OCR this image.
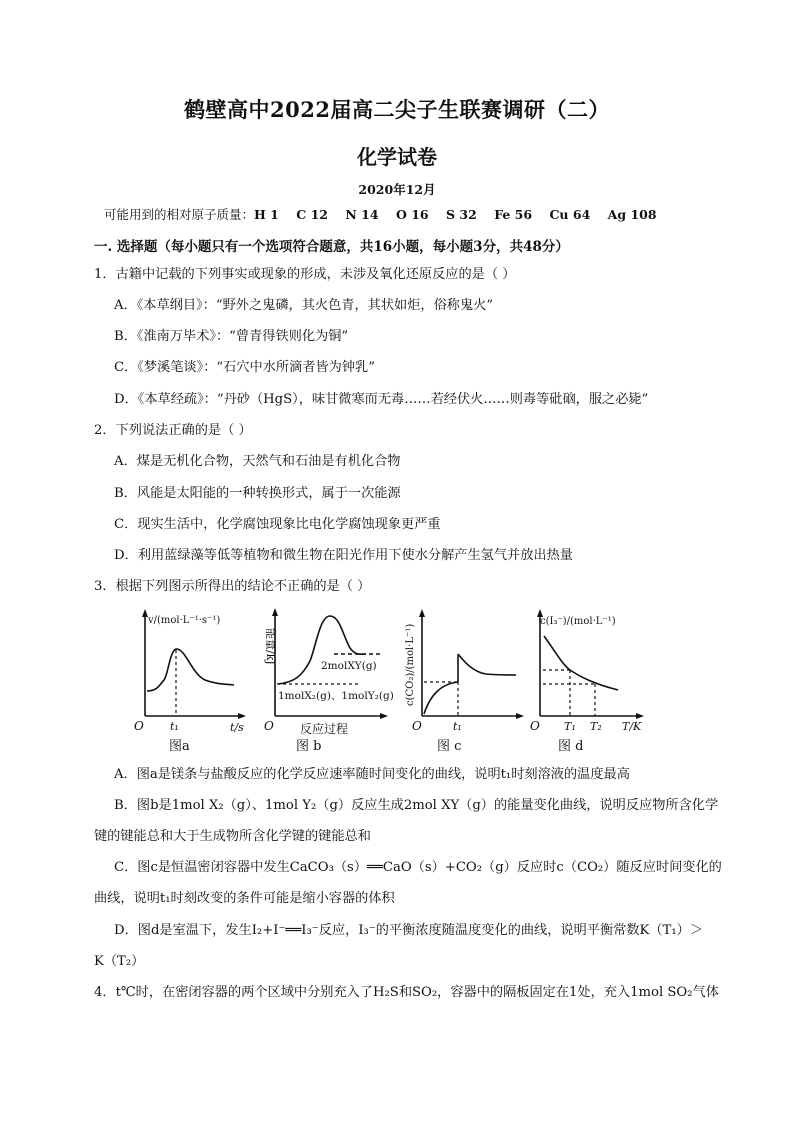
鹤壁高中2022届高二尖子生联赛调研（二）
化学试卷
2020年12月
可能用到的相对原子质量：H 1    C 12    N 14    O 16    S 32    Fe 56    Cu 64    Ag 108
一. 选择题（每小题只有一个选项符合题意，共16小题，每小题3分，共48分）
1．古籍中记载的下列事实或现象的形成，未涉及氧化还原反应的是（ ）
A．《本草纲目》：“野外之鬼磷，其火色青，其状如炬，俗称鬼火”
B．《淮南万毕术》：“曾青得铁则化为铜”
C．《梦溪笔谈》：“石穴中水所滴者皆为钟乳”
D．《本草经疏》：“丹砂（HgS），味甘微寒而无毒……若经伏火……则毒等砒硇，服之必毙”
2．下列说法正确的是（ ）
A．煤是无机化合物，天然气和石油是有机化合物
B．风能是太阳能的一种转换形式，属于一次能源
C．现实生活中，化学腐蚀现象比电化学腐蚀现象更严重
D．利用蓝绿藻等低等植物和微生物在阳光作用下使水分解产生氢气并放出热量
3．根据下列图示所得出的结论不正确的是（ ）
v/(mol·L⁻¹·s⁻¹)
t/s
O t₁
能量/kJ
2molXY(g)
1molX₂(g)、1molY₂(g)
O 反应过程
c(CO₂)/(mol·L⁻¹)
O	t₁
c(I₃⁻)/(mol·L⁻¹)
O T₁ T₂ T/K
图a	图 b	图 c	图 d
A．图a是镁条与盐酸反应的化学反应速率随时间变化的曲线，说明t₁时刻溶液的温度最高
B．图b是1mol X₂（g）、1mol Y₂（g）反应生成2mol XY（g）的能量变化曲线，说明反应物所含化学
键的键能总和大于生成物所含化学键的键能总和
C．图c是恒温密闭容器中发生CaCO₃（s）══CaO（s）+CO₂（g）反应时c（CO₂）随反应时间变化的
曲线，说明t₁时刻改变的条件可能是缩小容器的体积
D．图d是室温下，发生I₂+I⁻══I₃⁻反应，I₃⁻的平衡浓度随温度变化的曲线，说明平衡常数K（T₁）＞
K（T₂）
4．t℃时，在密闭容器的两个区域中分别充入了H₂S和SO₂，容器中的隔板固定在1处，充入1mol SO₂气体
